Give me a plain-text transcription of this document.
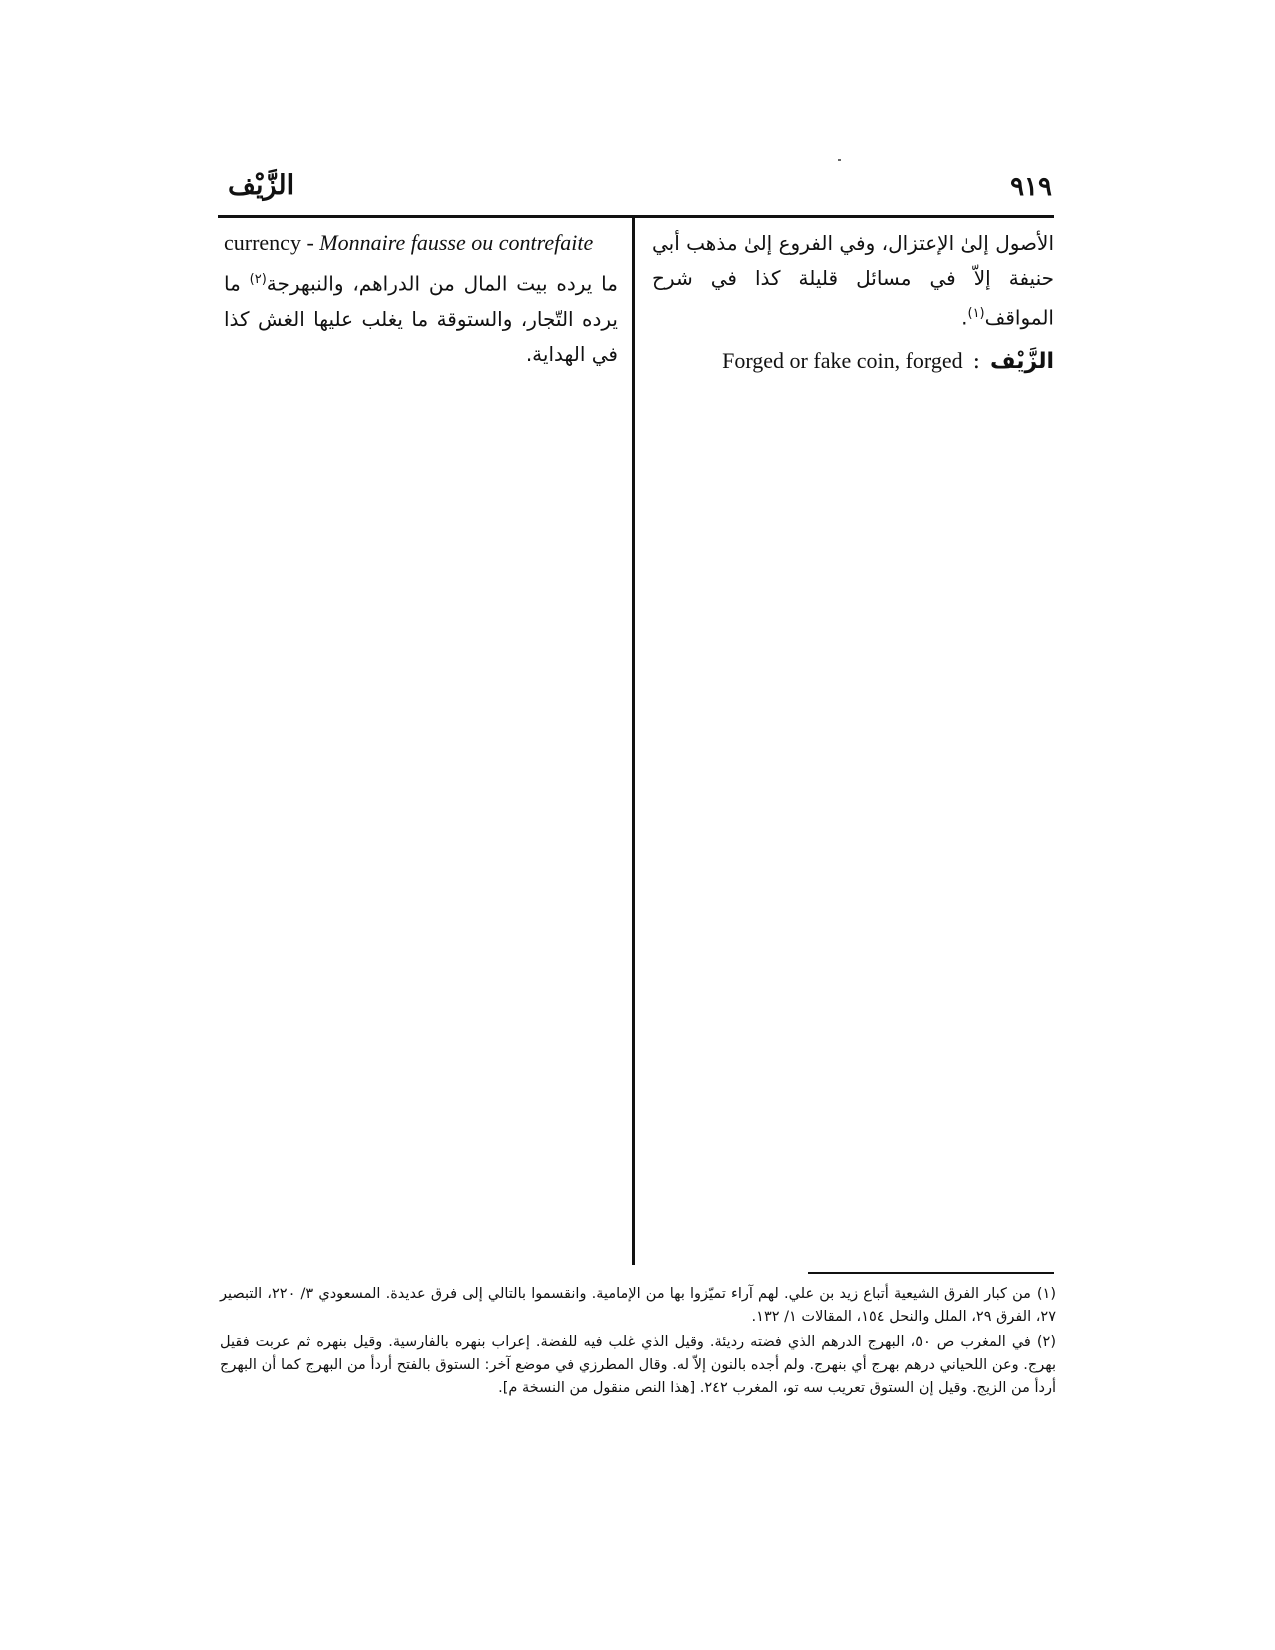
الزَّيْف	٩١٩

الأصول إلىٰ الإعتزال، وفي الفروع إلىٰ مذهب أبي حنيفة إلاّ في مسائل قليلة كذا في شرح المواقف$^{(١)}$.

Forged or fake coin, forged : الزَّيْف
currency - Monnaire fausse ou contrefaite

ما يرده بيت المال من الدراهم، والنبهرجة$^{(٢)}$ ما يرده التّجار، والستوقة ما يغلب عليها الغش كذا في الهداية.

(١)من كبار الفرق الشيعية أتباع زيد بن علي. لهم آراء تميّزوا بها من الإمامية. وانقسموا بالتالي إلى فرق عديدة. المسعودي ٣/ ٢٢٠، التبصير ٢٧، الفرق ٢٩، الملل والنحل ١٥٤، المقالات ١/ ١٣٢.

(٢)في المغرب ص ٥٠، البهرج الدرهم الذي فضته رديئة. وقيل الذي غلب فيه للفضة. إعراب بنهره بالفارسية. وقيل بنهره ثم عربت فقيل بهرج. وعن اللحياني درهم بهرج أي بنهرج. ولم أجده بالنون إلاّ له. وقال المطرزي في موضع آخر: الستوق بالفتح أردأ من البهرج كما أن البهرج أردأ من الزيج. وقيل إن الستوق تعريب سه تو، المغرب ٢٤٢. [هذا النص منقول من النسخة م].
